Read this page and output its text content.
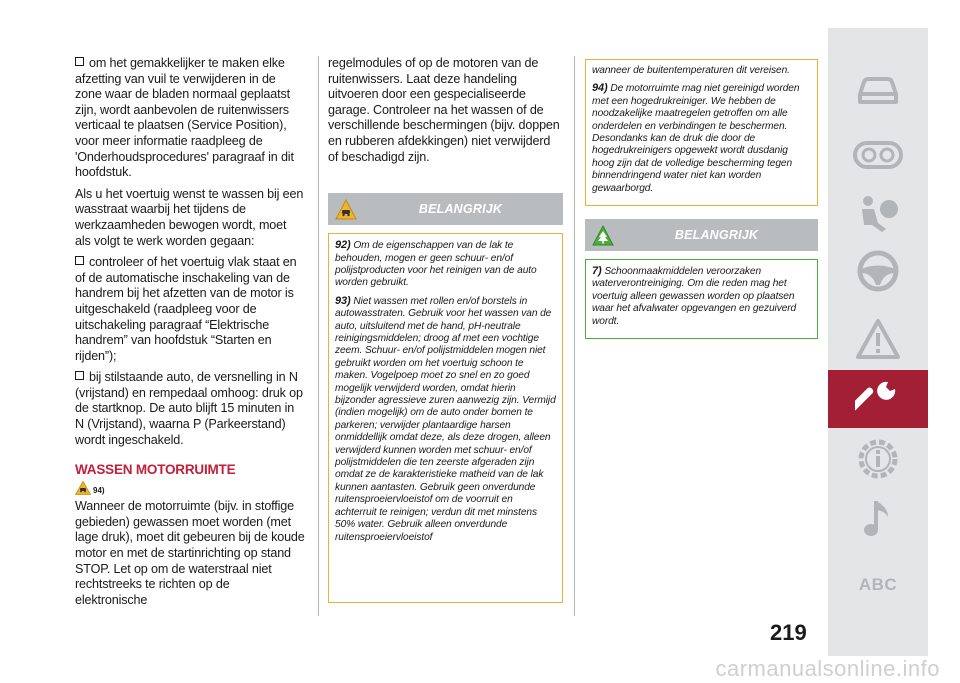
om het gemakkelijker te maken elke afzetting van vuil te verwijderen in de zone waar de bladen normaal geplaatst zijn, wordt aanbevolen de ruitenwissers verticaal te plaatsen (Service Position), voor meer informatie raadpleeg de 'Onderhoudsprocedures' paragraaf in dit hoofdstuk.

Als u het voertuig wenst te wassen bij een wasstraat waarbij het tijdens de werkzaamheden bewogen wordt, moet als volgt te werk worden gegaan:

controleer of het voertuig vlak staat en of de automatische inschakeling van de handrem bij het afzetten van de motor is uitgeschakeld (raadpleeg voor de uitschakeling paragraaf “Elektrische handrem” van hoofdstuk “Starten en rijden”);

bij stilstaande auto, de versnelling in N (vrijstand) en rempedaal omhoog: druk op de startknop. De auto blijft 15 minuten in N (Vrijstand), waarna P (Parkeerstand) wordt ingeschakeld.

WASSEN MOTORRUIMTE
94)

Wanneer de motorruimte (bijv. in stoffige gebieden) gewassen moet worden (met lage druk), moet dit gebeuren bij de koude motor en met de startinrichting op stand STOP. Let op om de waterstraal niet rechtstreeks te richten op de elektronische

regelmodules of op de motoren van de ruitenwissers. Laat deze handeling uitvoeren door een gespecialiseerde garage. Controleer na het wassen of de verschillende beschermingen (bijv. doppen en rubberen afdekkingen) niet verwijderd of beschadigd zijn.

BELANGRIJK

92) Om de eigenschappen van de lak te behouden, mogen er geen schuur- en/of polijstproducten voor het reinigen van de auto worden gebruikt.

93) Niet wassen met rollen en/of borstels in autowasstraten. Gebruik voor het wassen van de auto, uitsluitend met de hand, pH-neutrale reinigingsmiddelen; droog af met een vochtige zeem. Schuur- en/of polijstmiddelen mogen niet gebruikt worden om het voertuig schoon te maken. Vogelpoep moet zo snel en zo goed mogelijk verwijderd worden, omdat hierin bijzonder agressieve zuren aanwezig zijn. Vermijd (indien mogelijk) om de auto onder bomen te parkeren; verwijder plantaardige harsen onmiddellijk omdat deze, als deze drogen, alleen verwijderd kunnen worden met schuur- en/of polijstmiddelen die ten zeerste afgeraden zijn omdat ze de karakteristieke matheid van de lak kunnen aantasten. Gebruik geen onverdunde ruitensproeiervloeistof om de voorruit en achterruit te reinigen; verdun dit met minstens 50% water. Gebruik alleen onverdunde ruitensproeiervloeistof

wanneer de buitentemperaturen dit vereisen.

94) De motorruimte mag niet gereinigd worden met een hogedrukreiniger. We hebben de noodzakelijke maatregelen getroffen om alle onderdelen en verbindingen te beschermen. Desondanks kan de druk die door de hogedrukreinigers opgewekt wordt dusdanig hoog zijn dat de volledige bescherming tegen binnendringend water niet kan worden gewaarborgd.

BELANGRIJK

7) Schoonmaakmiddelen veroorzaken waterverontreiniging. Om die reden mag het voertuig alleen gewassen worden op plaatsen waar het afvalwater opgevangen en gezuiverd wordt.

ABC
219
carmanualsonline.info
